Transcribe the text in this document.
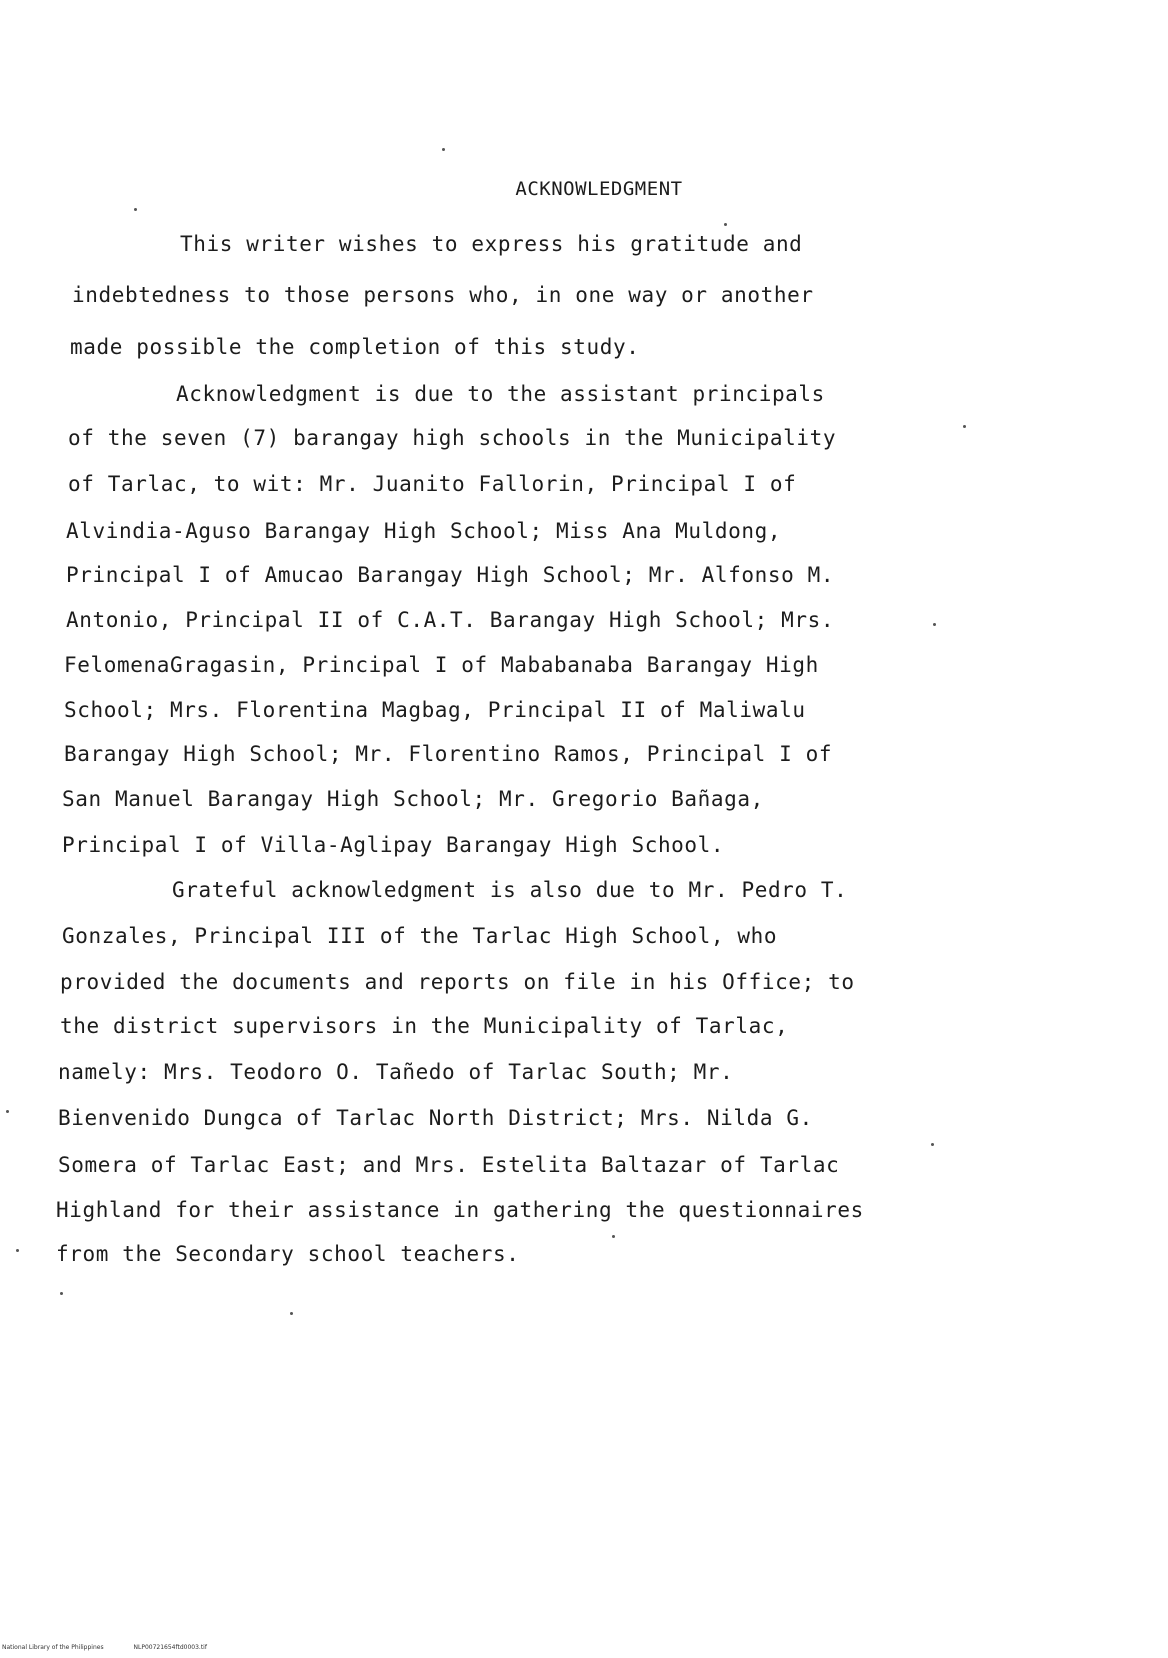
ACKNOWLEDGMENT
This writer wishes to express his gratitude and
indebtedness to those persons who, in one way or another
made possible the completion of this study.
Acknowledgment is due to the assistant principals
of the seven (7) barangay high schools in the Municipality
of Tarlac, to wit: Mr. Juanito Fallorin, Principal I of
Alvindia-Aguso Barangay High School; Miss Ana Muldong,
Principal I of Amucao Barangay High School; Mr. Alfonso M.
Antonio, Principal II of C.A.T. Barangay High School; Mrs.
FelomenaGragasin, Principal I of Mababanaba Barangay High
School; Mrs. Florentina Magbag, Principal II of Maliwalu
Barangay High School; Mr. Florentino Ramos, Principal I of
San Manuel Barangay High School; Mr. Gregorio Bañaga,
Principal I of Villa-Aglipay Barangay High School.
Grateful acknowledgment is also due to Mr. Pedro T.
Gonzales, Principal III of the Tarlac High School, who
provided the documents and reports on file in his Office; to
the district supervisors in the Municipality of Tarlac,
namely: Mrs. Teodoro O. Tañedo of Tarlac South; Mr.
Bienvenido Dungca of Tarlac North District; Mrs. Nilda G.
Somera of Tarlac East; and Mrs. Estelita Baltazar of Tarlac
Highland for their assistance in gathering the questionnaires
from the Secondary school teachers.
National Library of the Philippines	NLP00721654ftd0003.tif
